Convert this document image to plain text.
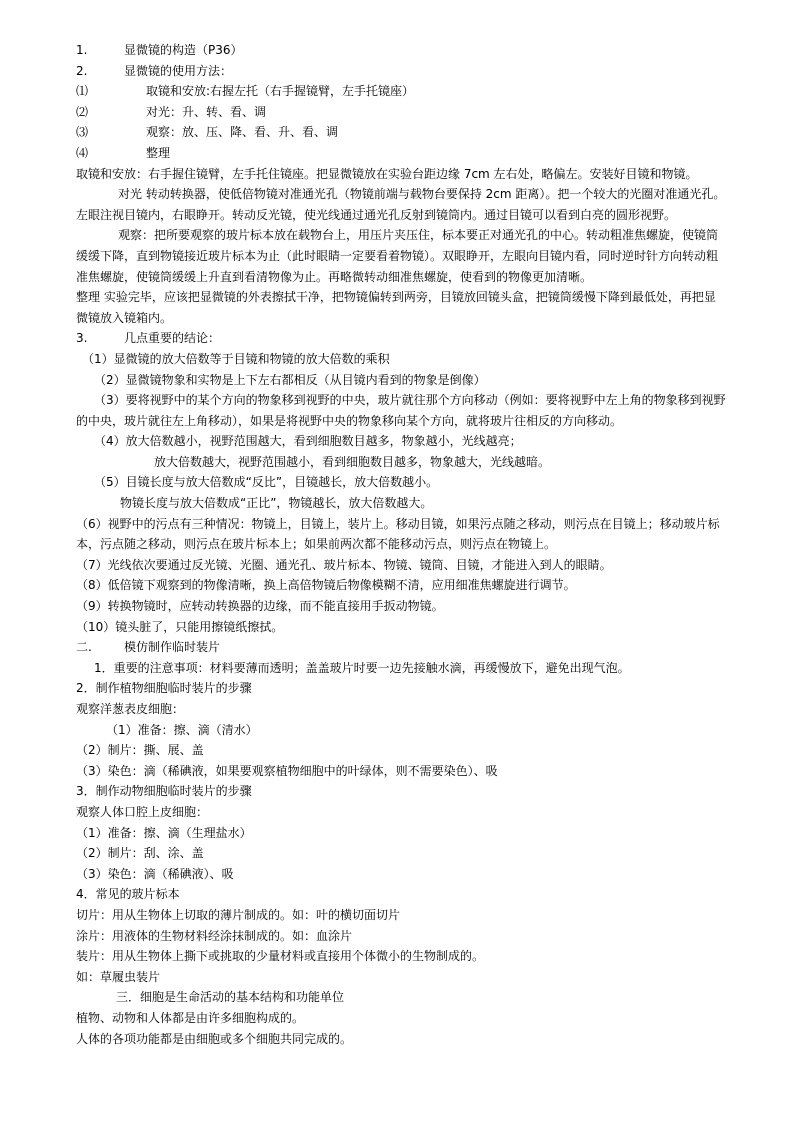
1.	显微镜的构造（P36）
2.	显微镜的使用方法：
⑴	取镜和安放:右握左托（右手握镜臂，左手托镜座）
⑵	对光：升、转、看、调
⑶	观察：放、压、降、看、升、看、调
⑷	整理
取镜和安放：右手握住镜臂，左手托住镜座。把显微镜放在实验台距边缘 7cm 左右处，略偏左。安装好目镜和物镜。
对光 转动转换器，使低倍物镜对准通光孔（物镜前端与载物台要保持 2cm 距离）。把一个较大的光圈对准通光孔。左眼注视目镜内，右眼睁开。转动反光镜，使光线通过通光孔反射到镜筒内。通过目镜可以看到白亮的圆形视野。
观察：把所要观察的玻片标本放在载物台上，用压片夹压住，标本要正对通光孔的中心。转动粗准焦螺旋，使镜筒缓缓下降，直到物镜接近玻片标本为止（此时眼睛一定要看着物镜）。双眼睁开，左眼向目镜内看，同时逆时针方向转动粗准焦螺旋，使镜筒缓缓上升直到看清物像为止。再略微转动细准焦螺旋，使看到的物像更加清晰。
整理 实验完毕，应该把显微镜的外表擦拭干净，把物镜偏转到两旁，目镜放回镜头盒，把镜筒缓慢下降到最低处，再把显微镜放入镜箱内。
3.	几点重要的结论：
（1）显微镜的放大倍数等于目镜和物镜的放大倍数的乘积
（2）显微镜物象和实物是上下左右都相反（从目镜内看到的物象是倒像）
（3）要将视野中的某个方向的物象移到视野的中央，玻片就往那个方向移动（例如：要将视野中左上角的物象移到视野的中央，玻片就往左上角移动），如果是将视野中央的物象移向某个方向，就将玻片往相反的方向移动。
（4）放大倍数越小，视野范围越大，看到细胞数目越多，物象越小，光线越亮；
放大倍数越大，视野范围越小，看到细胞数目越多，物象越大，光线越暗。
（5）目镜长度与放大倍数成“反比”，目镜越长，放大倍数越小。
物镜长度与放大倍数成“正比”，物镜越长，放大倍数越大。
（6）视野中的污点有三种情况：物镜上，目镜上，装片上。移动目镜，如果污点随之移动，则污点在目镜上；移动玻片标本，污点随之移动，则污点在玻片标本上；如果前两次都不能移动污点，则污点在物镜上。
（7）光线依次要通过反光镜、光圈、通光孔、玻片标本、物镜、镜筒、目镜，才能进入到人的眼睛。
（8）低倍镜下观察到的物像清晰，换上高倍物镜后物像模糊不清，应用细准焦螺旋进行调节。
（9）转换物镜时，应转动转换器的边缘，而不能直接用手扳动物镜。
（10）镜头脏了，只能用擦镜纸擦拭。
二.	模仿制作临时装片
1．重要的注意事项：材料要薄而透明；盖盖玻片时要一边先接触水滴，再缓慢放下，避免出现气泡。
2．制作植物细胞临时装片的步骤
观察洋葱表皮细胞：
（1）准备：擦、滴（清水）
（2）制片：撕、展、盖
（3）染色：滴（稀碘液，如果要观察植物细胞中的叶绿体，则不需要染色）、吸
3．制作动物细胞临时装片的步骤
观察人体口腔上皮细胞：
（1）准备：擦、滴（生理盐水）
（2）制片：刮、涂、盖
（3）染色：滴（稀碘液）、吸
4．常见的玻片标本
切片：用从生物体上切取的薄片制成的。如：叶的横切面切片
涂片：用液体的生物材料经涂抹制成的。如：血涂片
装片：用从生物体上撕下或挑取的少量材料或直接用个体微小的生物制成的。
如：草履虫装片
三．细胞是生命活动的基本结构和功能单位
植物、动物和人体都是由许多细胞构成的。
人体的各项功能都是由细胞或多个细胞共同完成的。
